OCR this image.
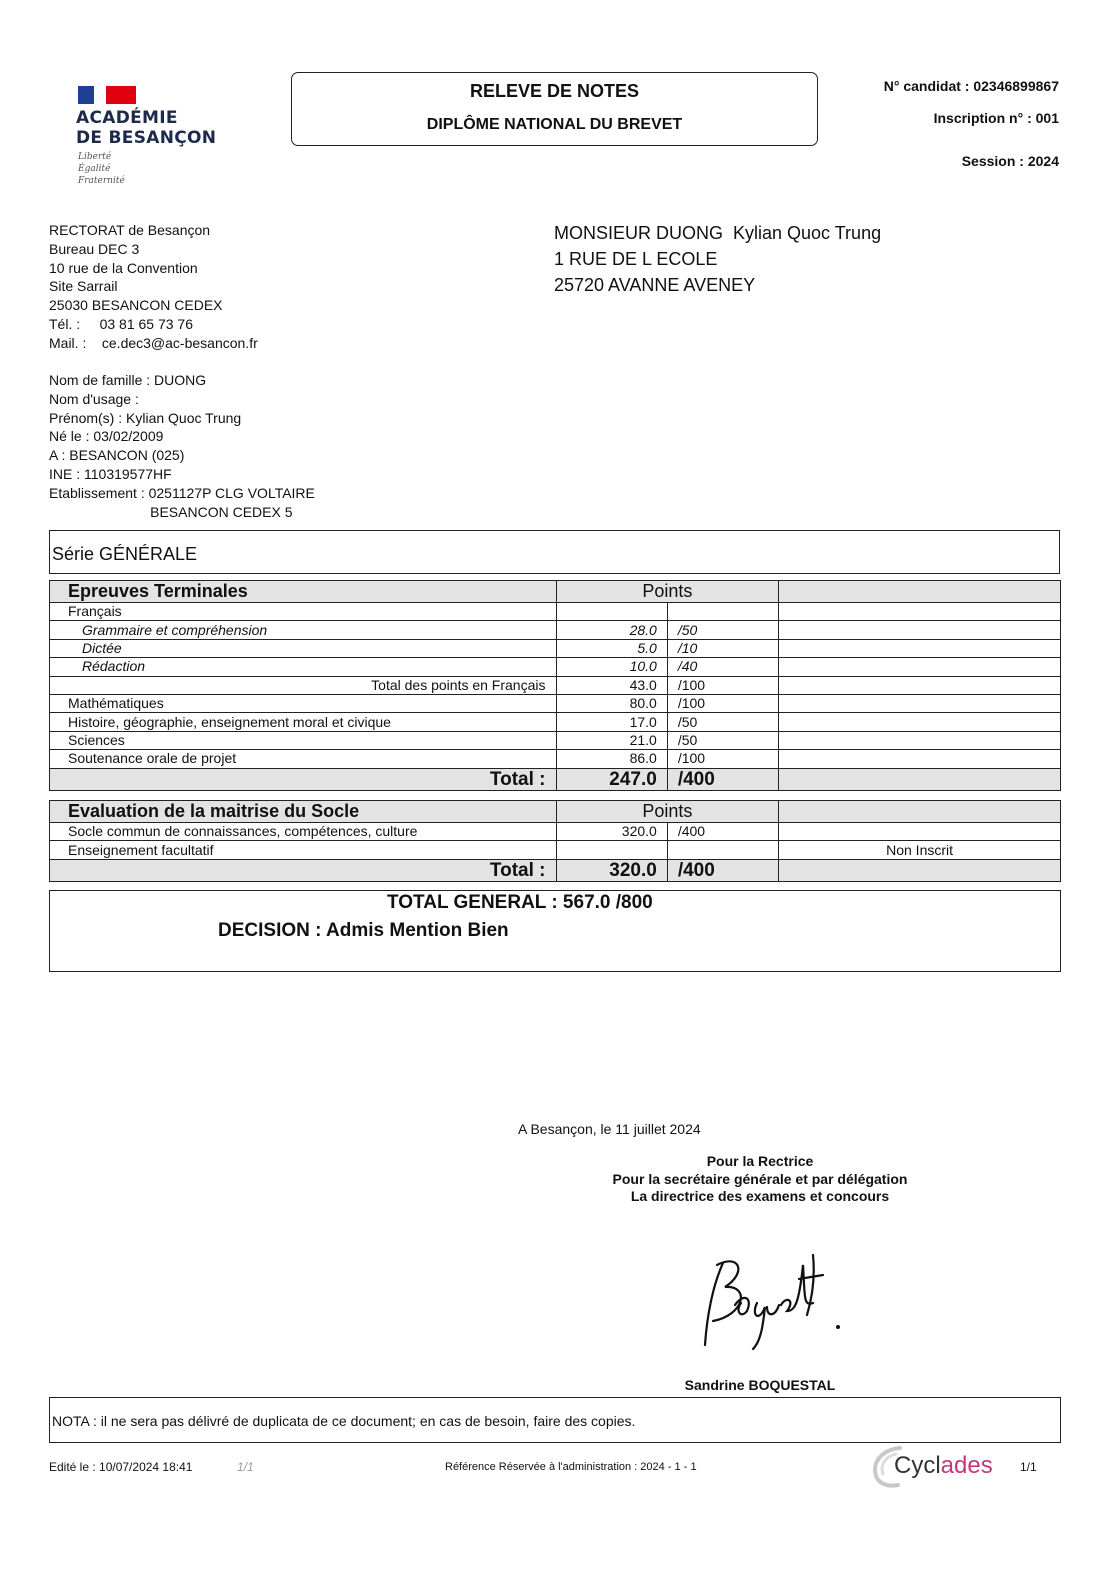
ACADÉMIE
DE BESANÇON
Liberté
Égalité
Fraternité
RELEVE DE NOTES
DIPLÔME NATIONAL DU BREVET
N° candidat : 02346899867
Inscription n° : 001
Session : 2024
RECTORAT de Besançon
Bureau DEC 3
10 rue de la Convention
Site Sarrail
25030 BESANCON CEDEX
Tél. :     03 81 65 73 76
Mail. :    ce.dec3@ac-besancon.fr
MONSIEUR DUONG  Kylian Quoc Trung
1 RUE DE L ECOLE
25720 AVANNE AVENEY
Nom de famille : DUONG
Nom d'usage :
Prénom(s) : Kylian Quoc Trung
Né le : 03/02/2009
A : BESANCON (025)
INE : 110319577HF
Etablissement : 0251127P CLG VOLTAIRE
BESANCON CEDEX 5
Série GÉNÉRALE
Epreuves Terminales	Points		
Français			
Grammaire et compréhension	28.0	/50	
Dictée	5.0	/10	
Rédaction	10.0	/40	
Total des points en Français	43.0	/100	
Mathématiques	80.0	/100	
Histoire, géographie, enseignement moral et civique	17.0	/50	
Sciences	21.0	/50	
Soutenance orale de projet	86.0	/100	
Total :	247.0	/400	
Evaluation de la maitrise du Socle	Points		
Socle commun de connaissances, compétences, culture	320.0	/400	
Enseignement facultatif			Non Inscrit
Total :	320.0	/400	
TOTAL GENERAL : 567.0 /800
DECISION : Admis Mention Bien
A Besançon, le 11 juillet 2024
Pour la Rectrice
Pour la secrétaire générale et par délégation
La directrice des examens et concours
Sandrine BOQUESTAL
NOTA : il ne sera pas délivré de duplicata de ce document; en cas de besoin, faire des copies.
Edité le : 10/07/2024 18:41	1/1	Référence Réservée à l'administration : 2024 - 1 - 1	Cyclades 1/1
